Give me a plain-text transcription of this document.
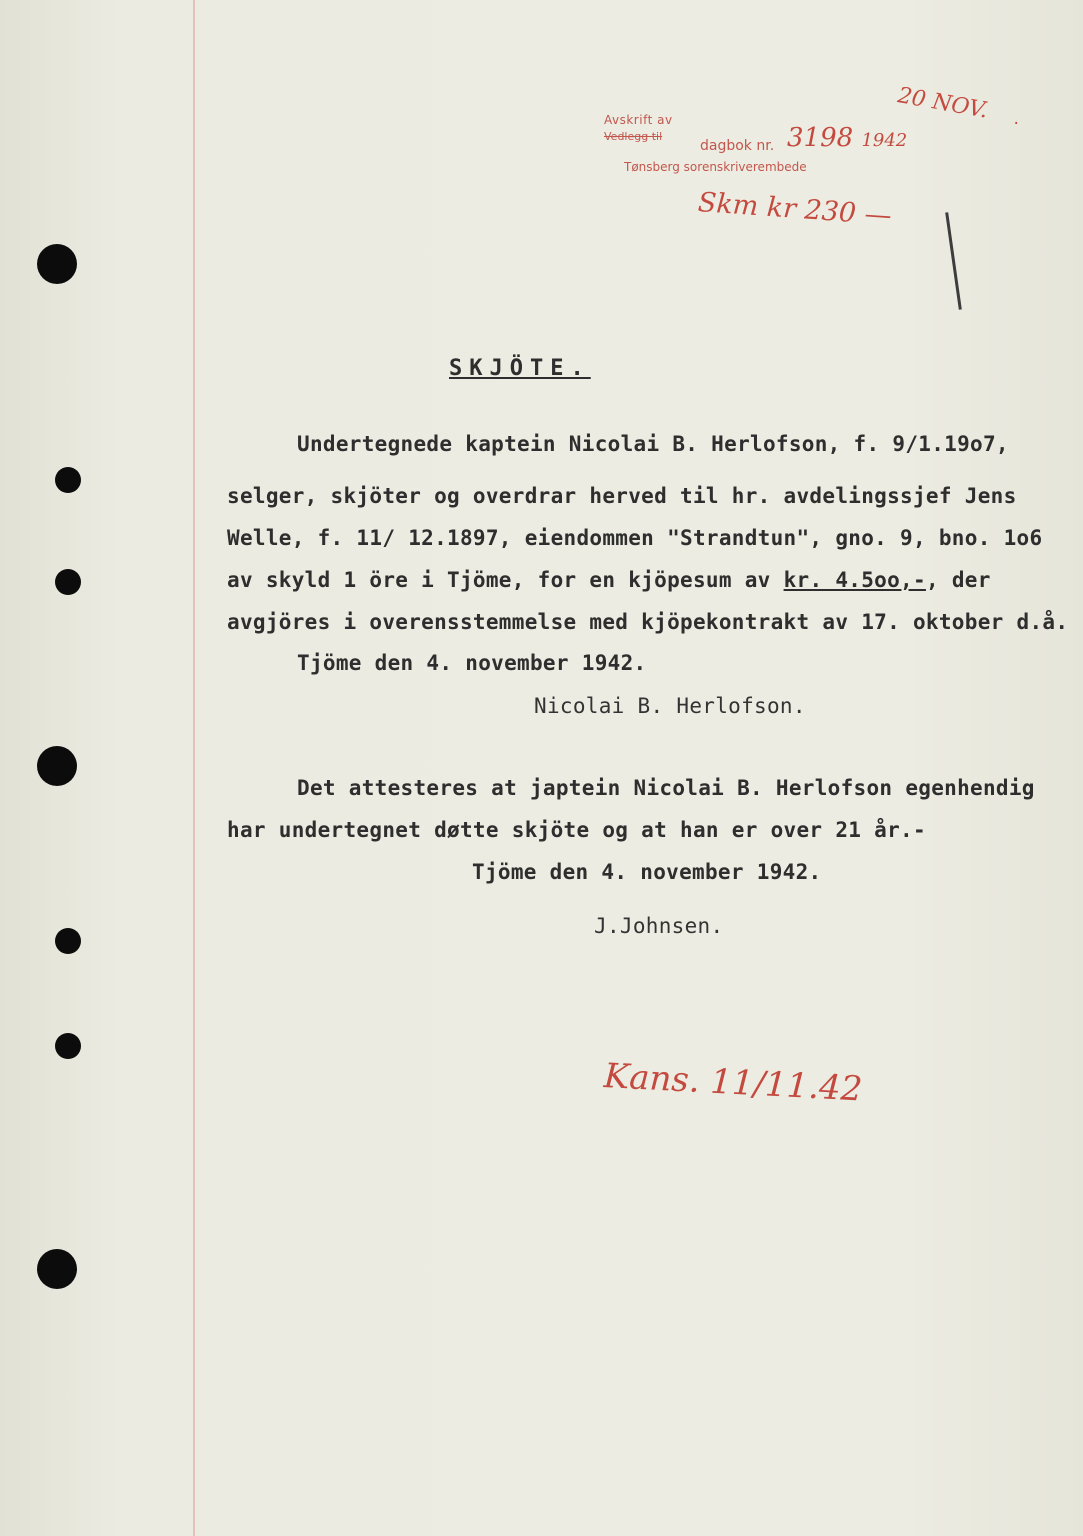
Avskrift av
Vedlegg til
dagbok nr.
Tønsberg sorenskriverembede
3198 1942
20 NOV.
Skm kr 230 —
·
SKJÖTE.
Undertegnede kaptein Nicolai B. Herlofson, f. 9/1.19o7,
selger, skjöter og overdrar herved til hr. avdelingssjef Jens
Welle, f. 11/ 12.1897, eiendommen "Strandtun", gno. 9, bno. 1o6
av skyld 1 öre i Tjöme, for en kjöpesum av kr. 4.5oo,-, der
avgjöres i overensstemmelse med kjöpekontrakt av 17. oktober d.å.
Tjöme den 4. november 1942.
Nicolai B. Herlofson.
Det attesteres at japtein Nicolai B. Herlofson egenhendig
har undertegnet døtte skjöte og at han er over 21 år.-
Tjöme den 4. november 1942.
J.Johnsen.
Kans. 11/11.42
